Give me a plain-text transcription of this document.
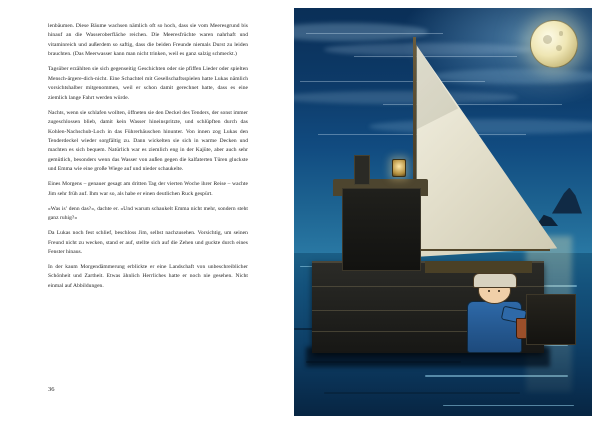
lenbäumen. Diese Bäume wachsen nämlich oft so hoch, dass sie vom Meeresgrund bis hinauf an die Wasseroberfläche reichen. Die Meeresfrüchte waren nahrhaft und vitaminreich und außerdem so saftig, dass die beiden Freunde niemals Durst zu leiden brauchten. (Das Meerwasser kann man nicht trinken, weil es ganz salzig schmeckt.)

Tagsüber erzählten sie sich gegenseitig Geschichten oder sie pfiffen Lieder oder spielten Mensch-ärgere-dich-nicht. Eine Schachtel mit Gesellschaftsspielen hatte Lukas nämlich vorsichtshalber mitgenommen, weil er schon damit gerechnet hatte, dass es eine ziemlich lange Fahrt werden würde.

Nachts, wenn sie schlafen wollten, öffneten sie den Deckel des Tenders, der sonst immer zugeschlossen blieb, damit kein Wasser hineinspritzte, und schlüpften durch das Kohlen-Nachschub-Loch in das Führerhäuschen hinunter. Von innen zog Lukas den Tenderdeckel wieder sorgfältig zu. Dann wickelten sie sich in warme Decken und machten es sich bequem. Natürlich war es ziemlich eng in der Kajüte, aber auch sehr gemütlich, besonders wenn das Wasser von außen gegen die kalfaterten Türen gluckste und Emma wie eine große Wiege auf und nieder schaukelte.

Eines Morgens – genauer gesagt am dritten Tag der vierten Woche ihrer Reise – wachte Jim sehr früh auf. Ihm war so, als habe er einen deutlichen Ruck gespürt.

»Was is’ denn das?«, dachte er. »Und warum schaukelt Emma nicht mehr, sondern steht ganz ruhig?«

Da Lukas noch fest schlief, beschloss Jim, selbst nachzusehen. Vorsichtig, um seinen Freund nicht zu wecken, stand er auf, stellte sich auf die Zehen und guckte durch eines Fenster hinaus.

In der kaum Morgendämmerung erblickte er eine Landschaft von unbeschreiblicher Schönheit und Zartheit. Etwas ähnlich Herrliches hatte er noch nie gesehen. Nicht einmal auf Abbildungen.

36
